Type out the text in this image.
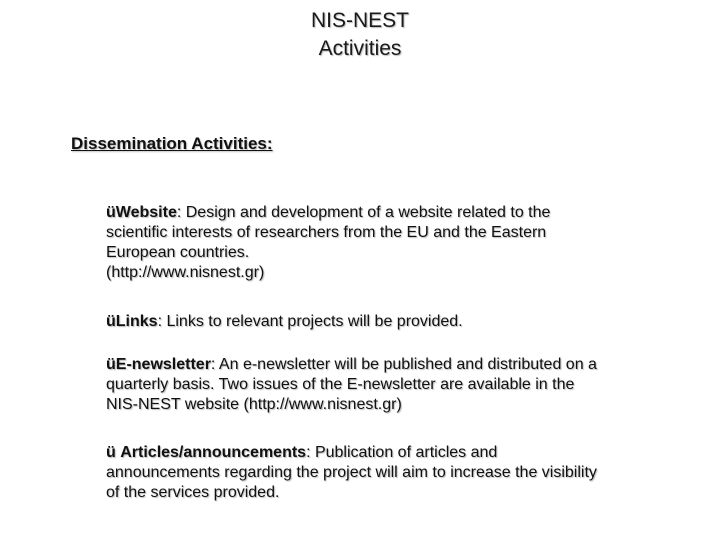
NIS-NEST
Activities
Dissemination Activities:
üWebsite: Design and development of a website related to the
scientific interests of researchers from the EU and the Eastern
European countries.
(http://www.nisnest.gr)
üLinks: Links to relevant projects will be provided.
üE-newsletter: An e-newsletter will be published and distributed on a
quarterly basis. Two issues of the E-newsletter are available in the
NIS-NEST website (http://www.nisnest.gr)
ü Articles/announcements: Publication of articles and
announcements regarding the project will aim to increase the visibility
of the services provided.
